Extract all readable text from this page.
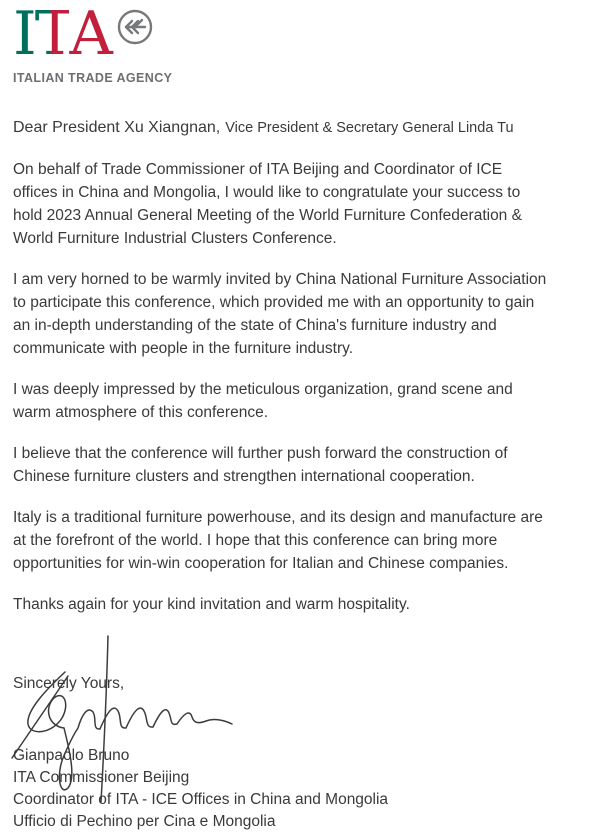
ITA
ITALIAN TRADE AGENCY

Dear President Xu Xiangnan, Vice President & Secretary General Linda Tu

On behalf of Trade Commissioner of ITA Beijing and Coordinator of ICE
offices in China and Mongolia, I would like to congratulate your success to
hold 2023 Annual General Meeting of the World Furniture Confederation &
World Furniture Industrial Clusters Conference.

I am very horned to be warmly invited by China National Furniture Association
to participate this conference, which provided me with an opportunity to gain
an in-depth understanding of the state of China's furniture industry and
communicate with people in the furniture industry.

I was deeply impressed by the meticulous organization, grand scene and
warm atmosphere of this conference.

I believe that the conference will further push forward the construction of
Chinese furniture clusters and strengthen international cooperation.

Italy is a traditional furniture powerhouse, and its design and manufacture are
at the forefront of the world. I hope that this conference can bring more
opportunities for win-win cooperation for Italian and Chinese companies.

Thanks again for your kind invitation and warm hospitality.

Sincerely Yours,

Gianpaolo Bruno
ITA Commissioner Beijing
Coordinator of ITA - ICE Offices in China and Mongolia
Ufficio di Pechino per Cina e Mongolia
